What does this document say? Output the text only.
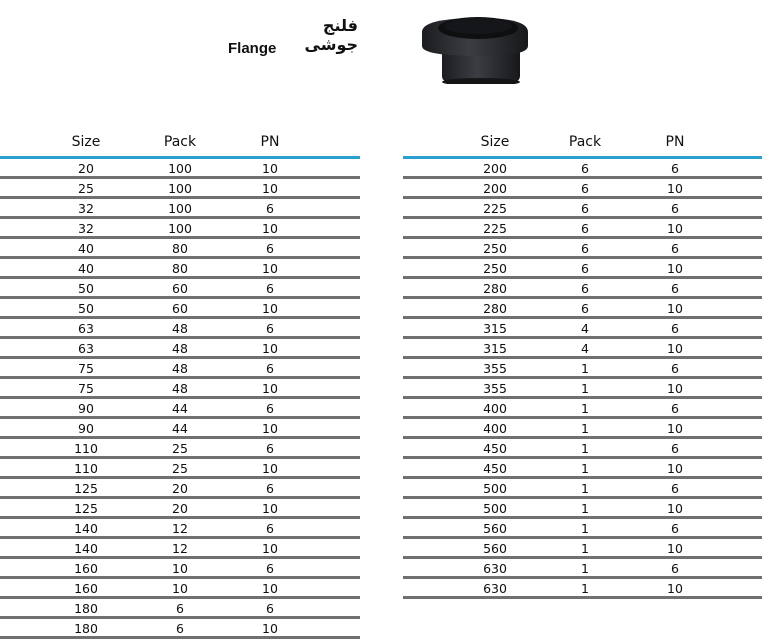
فلنج جوشی
Flange
Size	Pack	PN
20	100	10
25	100	10
32	100	6
32	100	10
40	80	6
40	80	10
50	60	6
50	60	10
63	48	6
63	48	10
75	48	6
75	48	10
90	44	6
90	44	10
110	25	6
110	25	10
125	20	6
125	20	10
140	12	6
140	12	10
160	10	6
160	10	10
180	6	6
180	6	10
Size	Pack	PN
200	6	6
200	6	10
225	6	6
225	6	10
250	6	6
250	6	10
280	6	6
280	6	10
315	4	6
315	4	10
355	1	6
355	1	10
400	1	6
400	1	10
450	1	6
450	1	10
500	1	6
500	1	10
560	1	6
560	1	10
630	1	6
630	1	10
